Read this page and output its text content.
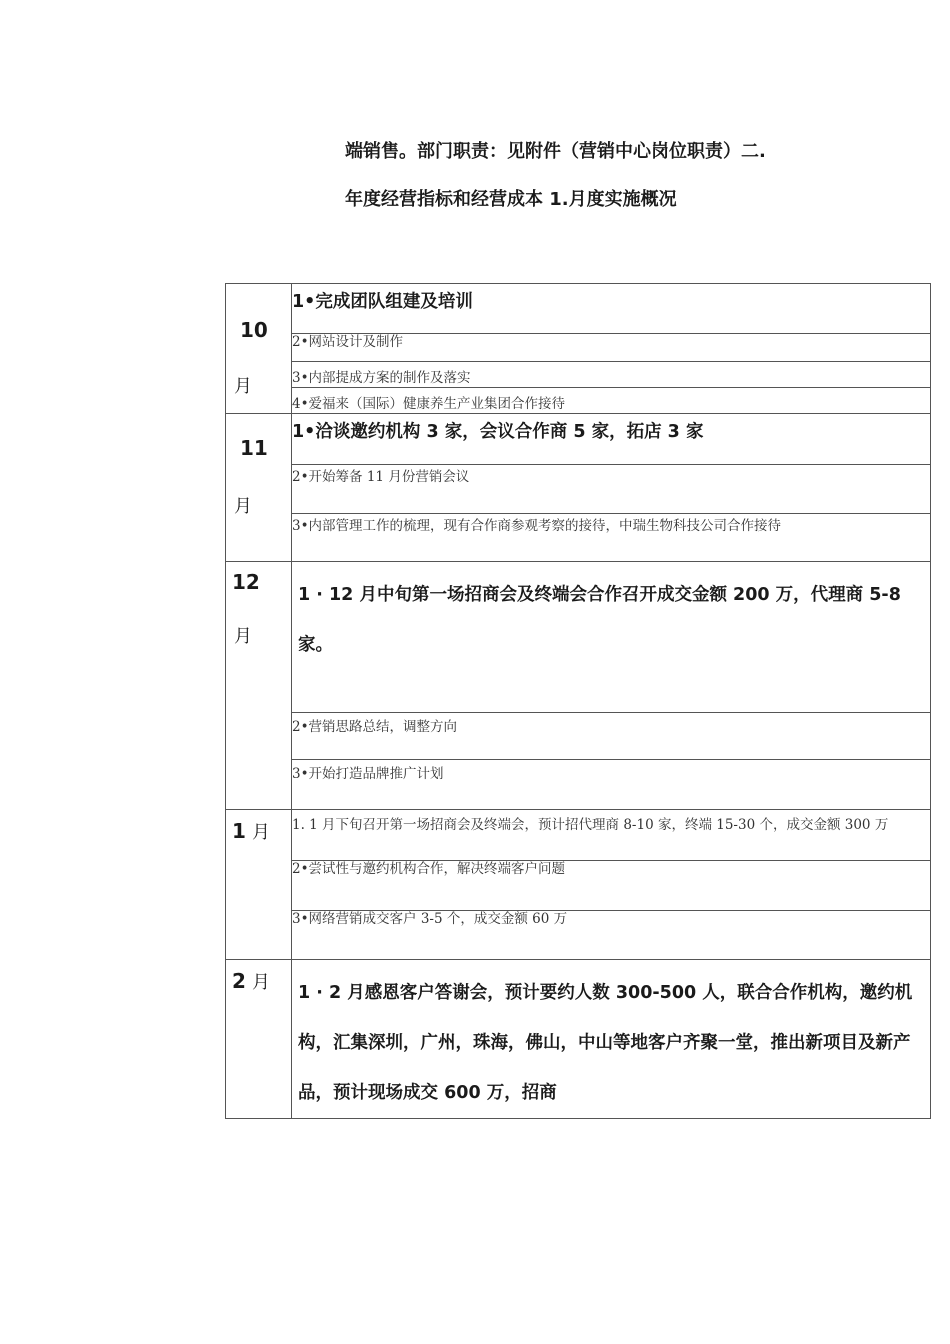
端销售。部门职责：见附件（营销中心岗位职责）二.
年度经营指标和经营成本 1.月度实施概况
10
月	1•完成团队组建及培训
	2•网站设计及制作
	3•内部提成方案的制作及落实
	4•爱福来（国际）健康养生产业集团合作接待

11
月	1•洽谈邀约机构 3 家，会议合作商 5 家，拓店 3 家
	2•开始筹备 11 月份营销会议
	3•内部管理工作的梳理，现有合作商参观考察的接待，中瑞生物科技公司合作接待

12
月	1 · 12 月中旬第一场招商会及终端会合作召开成交金额 200 万，代理商 5-8 家。
	2•营销思路总结，调整方向
	3•开始打造品牌推广计划

1 月	1. 1 月下旬召开第一场招商会及终端会，预计招代理商 8-10 家，终端 15-30 个，成交金额 300 万
	2•尝试性与邀约机构合作，解决终端客户问题
	3•网络营销成交客户 3-5 个，成交金额 60 万

2 月	1 · 2 月感恩客户答谢会，预计要约人数 300-500 人，联合合作机构，邀约机构，汇集深圳，广州，珠海，佛山，中山等地客户齐聚一堂，推出新项目及新产品，预计现场成交 600 万，招商
